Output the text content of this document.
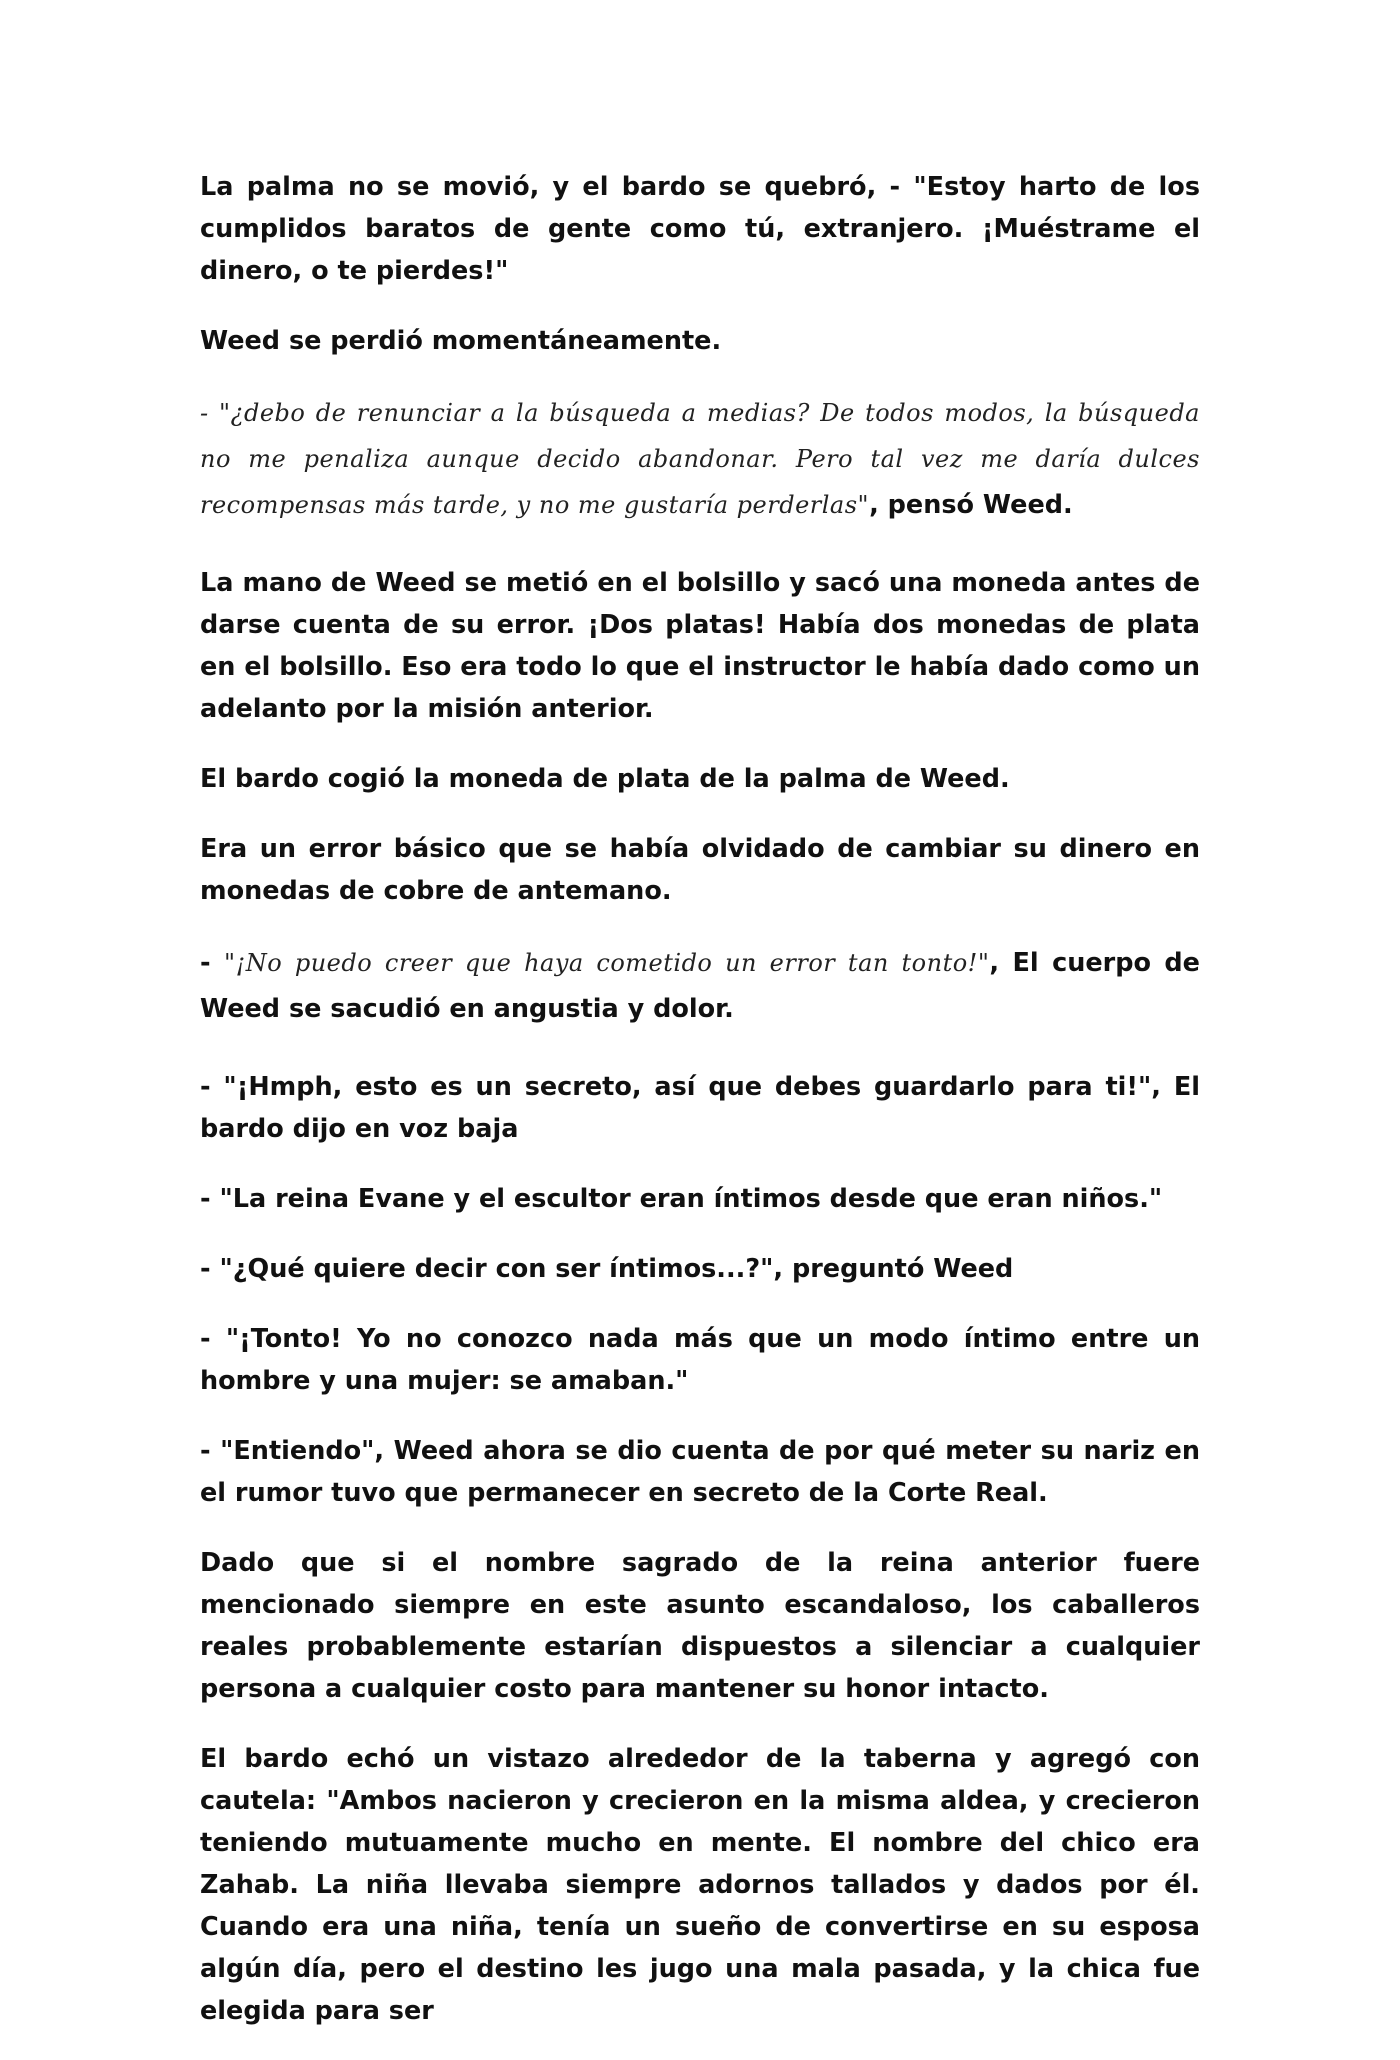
La palma no se movió, y el bardo se quebró, - "Estoy harto de los cumplidos baratos de gente como tú, extranjero. ¡Muéstrame el dinero, o te pierdes!"

Weed se perdió momentáneamente.

- "¿debo de renunciar a la búsqueda a medias? De todos modos, la búsqueda no me penaliza aunque decido abandonar. Pero tal vez me daría dulces recompensas más tarde, y no me gustaría perderlas", pensó Weed.

La mano de Weed se metió en el bolsillo y sacó una moneda antes de darse cuenta de su error. ¡Dos platas! Había dos monedas de plata en el bolsillo. Eso era todo lo que el instructor le había dado como un adelanto por la misión anterior.

El bardo cogió la moneda de plata de la palma de Weed.

Era un error básico que se había olvidado de cambiar su dinero en monedas de cobre de antemano.

- "¡No puedo creer que haya cometido un error tan tonto!", El cuerpo de Weed se sacudió en angustia y dolor.

- "¡Hmph, esto es un secreto, así que debes guardarlo para ti!", El bardo dijo en voz baja

- "La reina Evane y el escultor eran íntimos desde que eran niños."

- "¿Qué quiere decir con ser íntimos...?", preguntó Weed

- "¡Tonto! Yo no conozco nada más que un modo íntimo entre un hombre y una mujer: se amaban."

- "Entiendo", Weed ahora se dio cuenta de por qué meter su nariz en el rumor tuvo que permanecer en secreto de la Corte Real.

Dado que si el nombre sagrado de la reina anterior fuere mencionado siempre en este asunto escandaloso, los caballeros reales probablemente estarían dispuestos a silenciar a cualquier persona a cualquier costo para mantener su honor intacto.

El bardo echó un vistazo alrededor de la taberna y agregó con cautela: "Ambos nacieron y crecieron en la misma aldea, y crecieron teniendo mutuamente mucho en mente. El nombre del chico era Zahab. La niña llevaba siempre adornos tallados y dados por él. Cuando era una niña, tenía un sueño de convertirse en su esposa algún día, pero el destino les jugo una mala pasada, y la chica fue elegida para ser
